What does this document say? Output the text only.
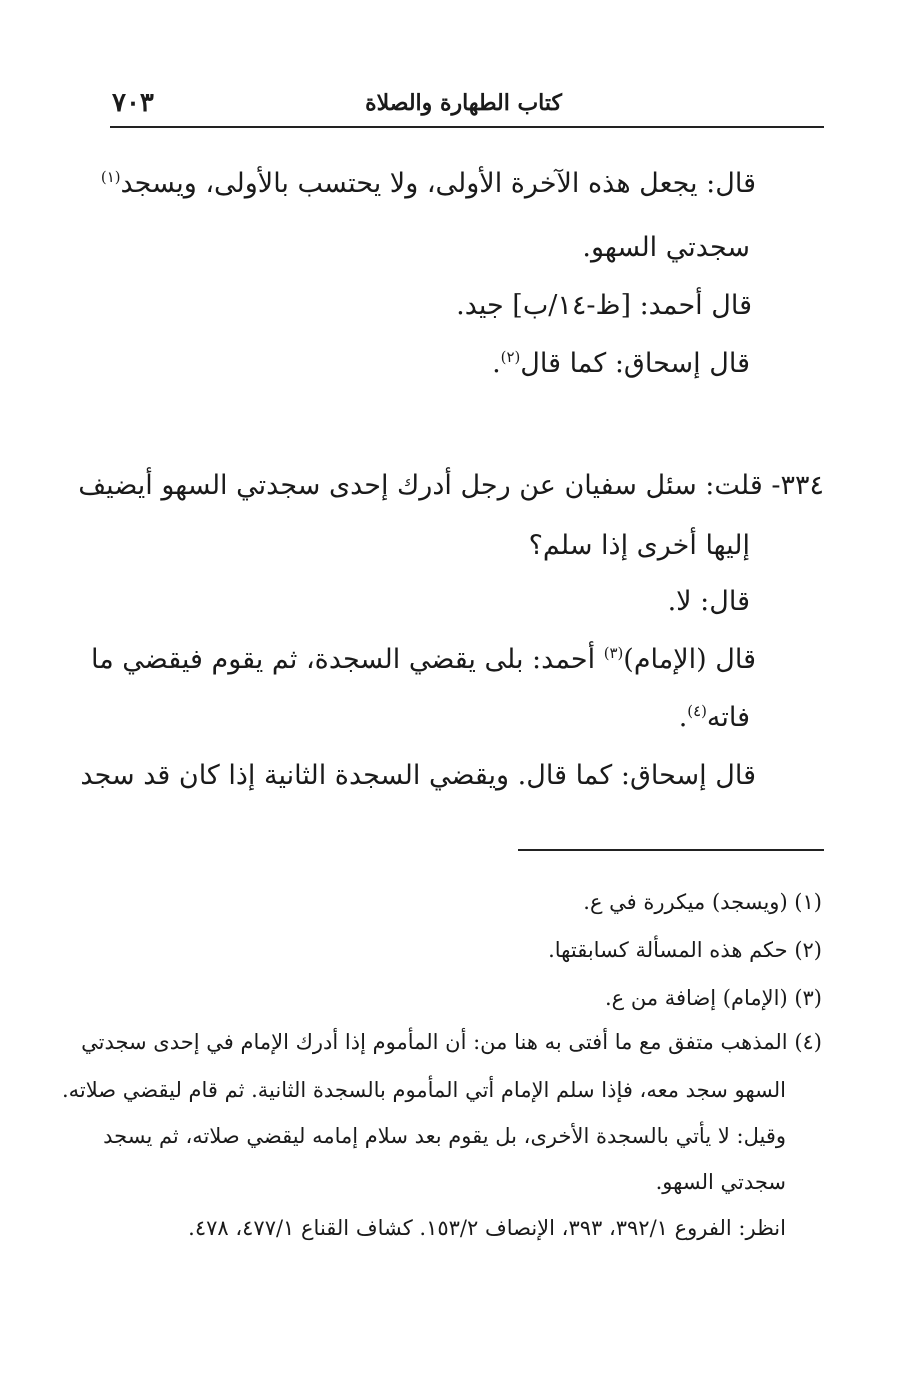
٧٠٣	كتاب الطهارة والصلاة
قال: يجعل هذه الآخرة الأولى، ولا يحتسب بالأولى، ويسجد$^{(١)}$
سجدتي السهو.
قال أحمد: [ظ-١٤/ب] جيد.
قال إسحاق: كما قال$^{(٢)}$.
٣٣٤- قلت: سئل سفيان عن رجل أدرك إحدى سجدتي السهو أيضيف
إليها أخرى إذا سلم؟
قال: لا.
قال (الإمام)$^{(٣)}$ أحمد: بلى يقضي السجدة، ثم يقوم فيقضي ما
فاته$^{(٤)}$.
قال إسحاق: كما قال. ويقضي السجدة الثانية إذا كان قد سجد
(١) (ويسجد) ميكررة في ع.
(٢) حكم هذه المسألة كسابقتها.
(٣) (الإمام) إضافة من ع.
(٤) المذهب متفق مع ما أفتى به هنا من: أن المأموم إذا أدرك الإمام في إحدى سجدتي
السهو سجد معه، فإذا سلم الإمام أتي المأموم بالسجدة الثانية. ثم قام ليقضي صلاته.
وقيل: لا يأتي بالسجدة الأخرى، بل يقوم بعد سلام إمامه ليقضي صلاته، ثم يسجد
سجدتي السهو.
انظر: الفروع ٣٩٢/١، ٣٩٣، الإنصاف ١٥٣/٢. كشاف القناع ٤٧٧/١، ٤٧٨.
